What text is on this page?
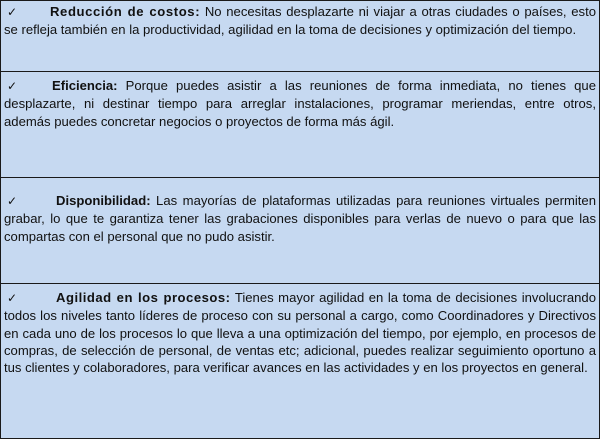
✓	Reducción de costos: No necesitas desplazarte ni viajar a otras ciudades o países, esto se refleja también en la productividad, agilidad en la toma de decisiones y optimización del tiempo.

✓	Eficiencia: Porque puedes asistir a las reuniones de forma inmediata, no tienes que desplazarte, ni destinar tiempo para arreglar instalaciones, programar meriendas, entre otros, además puedes concretar negocios o proyectos de forma más ágil.

✓	Disponibilidad: Las mayorías de plataformas utilizadas para reuniones virtuales permiten grabar, lo que te garantiza tener las grabaciones disponibles para verlas de nuevo o para que las compartas con el personal que no pudo asistir.

✓	Agilidad en los procesos: Tienes mayor agilidad en la toma de decisiones involucrando todos los niveles tanto líderes de proceso con su personal a cargo, como Coordinadores y Directivos en cada uno de los procesos lo que lleva a una optimización del tiempo, por ejemplo, en procesos de compras, de selección de personal, de ventas etc; adicional, puedes realizar seguimiento oportuno a tus clientes y colaboradores, para verificar avances en las actividades y en los proyectos en general.
